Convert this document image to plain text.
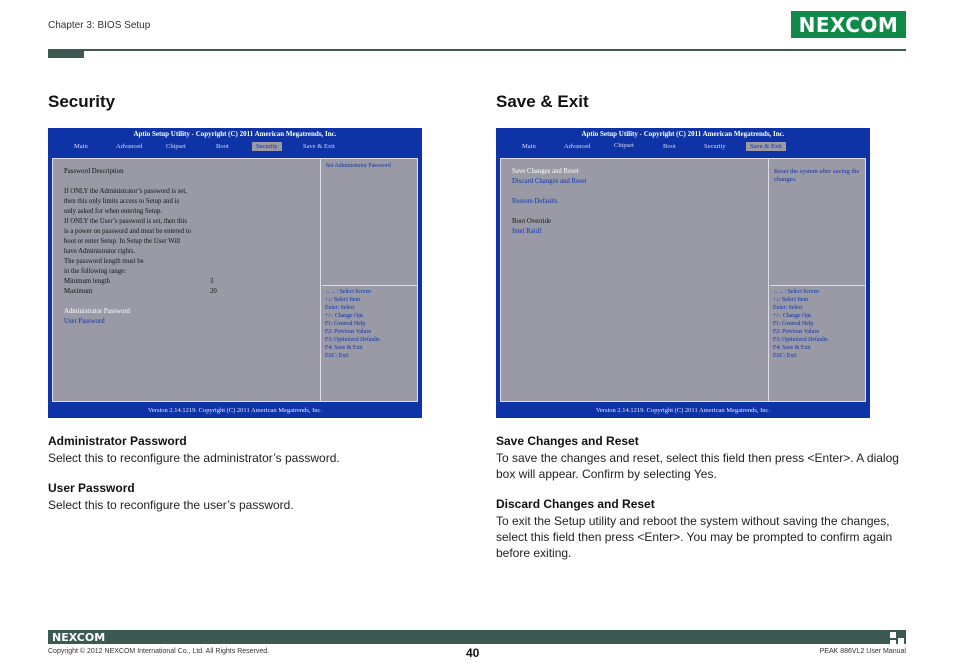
Chapter 3: BIOS Setup	NEXCOM
Security
Aptio Setup Utility - Copyright (C) 2011 American Megatrends, Inc.
Main	Advanced	Chipset	Boot	Security	Save & Exit
Password Description
If ONLY the Administrator’s password is set,
then this only limits access to Setup and is
only asked for when entering Setup.
If ONLY the User’s password is set, then this
is a power on password and must be entered to
boot or enter Setup. In Setup the User Will
have Administrator rights.
The password length must be
in the following range:
Minimum length	3
Maximum	20
Administrator Password
User Password
Set Administrator Password
→←: Select Screen
↑↓: Select Item
Enter: Select
+/-: Change Opt.
F1: General Help
F2: Previous Values
F3: Optimized Defaults
F4: Save & Exit
ESC: Exit
Version 2.14.1219. Copyright (C) 2011 American Megatrends, Inc.
Administrator Password
Select this to reconfigure the administrator’s password.
User Password
Select this to reconfigure the user’s password.
Save & Exit
Aptio Setup Utility - Copyright (C) 2011 American Megatrends, Inc.
Main	Advanced	Chipset	Boot	Security	Save & Exit
Save Changes and Reset
Discard Changes and Reset
Restore Defaults
Boot Override
Intel Raid1
Reset the system after saving the changes.
→←: Select Screen
↑↓: Select Item
Enter: Select
+/-: Change Opt.
F1: General Help
F2: Previous Values
F3: Optimized Defaults
F4: Save & Exit
ESC: Exit
Version 2.14.1219. Copyright (C) 2011 American Megatrends, Inc.
Save Changes and Reset
To save the changes and reset, select this field then press <Enter>. A dialog
box will appear. Confirm by selecting Yes.
Discard Changes and Reset
To exit the Setup utility and reboot the system without saving the changes,
select this field then press <Enter>. You may be prompted to confirm again
before exiting.
NEXCOM
Copyright © 2012 NEXCOM International Co., Ltd. All Rights Reserved.	40	PEAK 886VL2 User Manual
